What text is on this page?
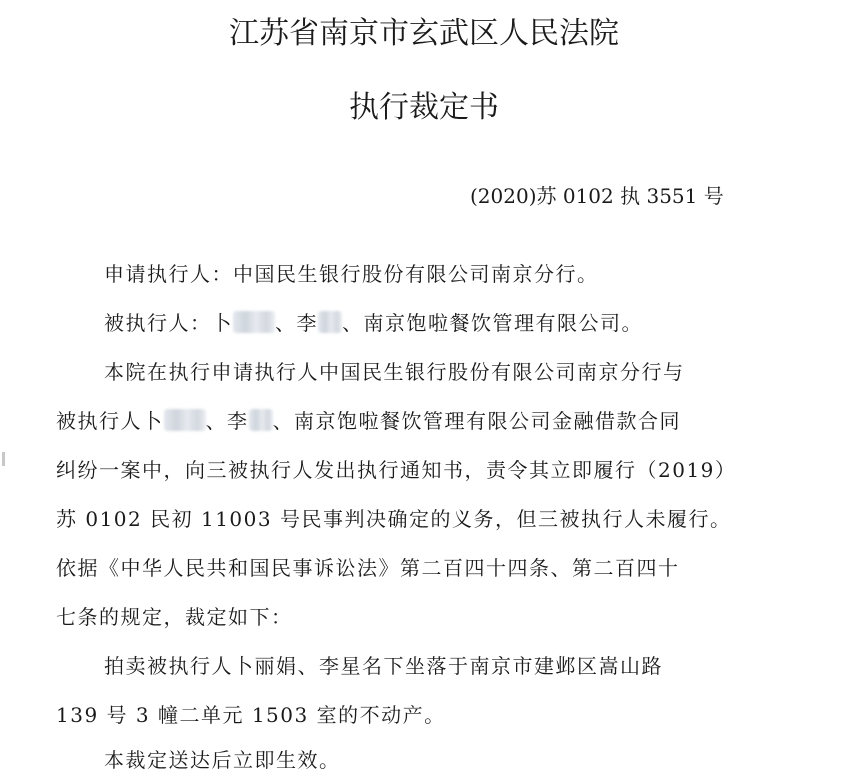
江苏省南京市玄武区人民法院
执行裁定书
(2020)苏 0102 执 3551 号
申请执行人：中国民生银行股份有限公司南京分行。
被执行人：卜 、李 、南京饱啦餐饮管理有限公司。
本院在执行申请执行人中国民生银行股份有限公司南京分行与
被执行人卜 、李 、南京饱啦餐饮管理有限公司金融借款合同
纠纷一案中，向三被执行人发出执行通知书，责令其立即履行（2019）
苏 0102 民初 11003 号民事判决确定的义务，但三被执行人未履行。
依据《中华人民共和国民事诉讼法》第二百四十四条、第二百四十
七条的规定，裁定如下：
拍卖被执行人卜丽娟、李星名下坐落于南京市建邺区嵩山路
139 号 3 幢二单元 1503 室的不动产。
本裁定送达后立即生效。
